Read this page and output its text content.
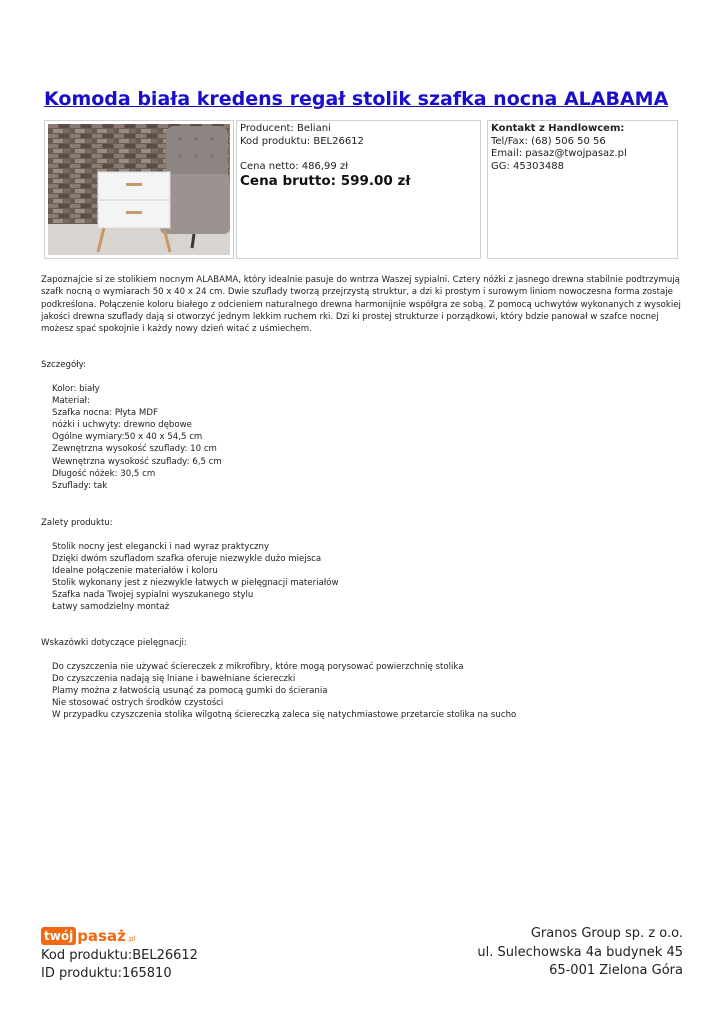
Komoda biała kredens regał stolik szafka nocna ALABAMA
Producent: Beliani
Kod produktu: BEL26612
Cena netto: 486,99 zł
Cena brutto: 599.00 zł
Kontakt z Handlowcem:
Tel/Fax: (68) 506 50 56
Email: pasaz@twojpasaz.pl
GG: 45303488

Zapoznajcie si ze stolikiem nocnym ALABAMA, który idealnie pasuje do wntrza Waszej sypialni. Cztery nóżki z jasnego drewna stabilnie podtrzymują szafk nocną o wymiarach 50 x 40 x 24 cm. Dwie szuflady tworzą przejrzystą struktur, a dzi ki prostym i surowym liniom nowoczesna forma zostaje podkreślona. Połączenie koloru białego z odcieniem naturalnego drewna harmonijnie współgra ze sobą. Z pomocą uchwytów wykonanych z wysokiej jakości drewna szuflady dają si otworzyć jednym lekkim ruchem rki. Dzi ki prostej strukturze i porządkowi, który bdzie panował w szafce nocnej możesz spać spokojnie i każdy nowy dzień witać z uśmiechem.

Szczegóły:
Kolor: biały
Materiał:
Szafka nocna: Płyta MDF
nóżki i uchwyty: drewno dębowe
Ogólne wymiary:50 x 40 x 54,5 cm
Zewnętrzna wysokość szuflady: 10 cm
Wewnętrzna wysokość szuflady: 6,5 cm
Długość nóżek: 30,5 cm
Szuflady: tak
Zalety produktu:
Stolik nocny jest elegancki i nad wyraz praktyczny
Dzięki dwóm szufladom szafka oferuje niezwykle dużo miejsca
Idealne połączenie materiałów i koloru
Stolik wykonany jest z niezwykle łatwych w pielęgnacji materiałów
Szafka nada Twojej sypialni wyszukanego stylu
Łatwy samodzielny montaż
Wskazówki dotyczące pielęgnacji:
Do czyszczenia nie używać ściereczek z mikrofibry, które mogą porysować powierzchnię stolika
Do czyszczenia nadają się lniane i bawełniane ściereczki
Plamy można z łatwością usunąć za pomocą gumki do ścierania
Nie stosować ostrych środków czystości
W przypadku czyszczenia stolika wilgotną ściereczką zaleca się natychmiastowe przetarcie stolika na sucho
twój pasaż .pl
Kod produktu:BEL26612
ID produktu:165810
Granos Group sp. z o.o.
ul. Sulechowska 4a budynek 45
65-001 Zielona Góra
